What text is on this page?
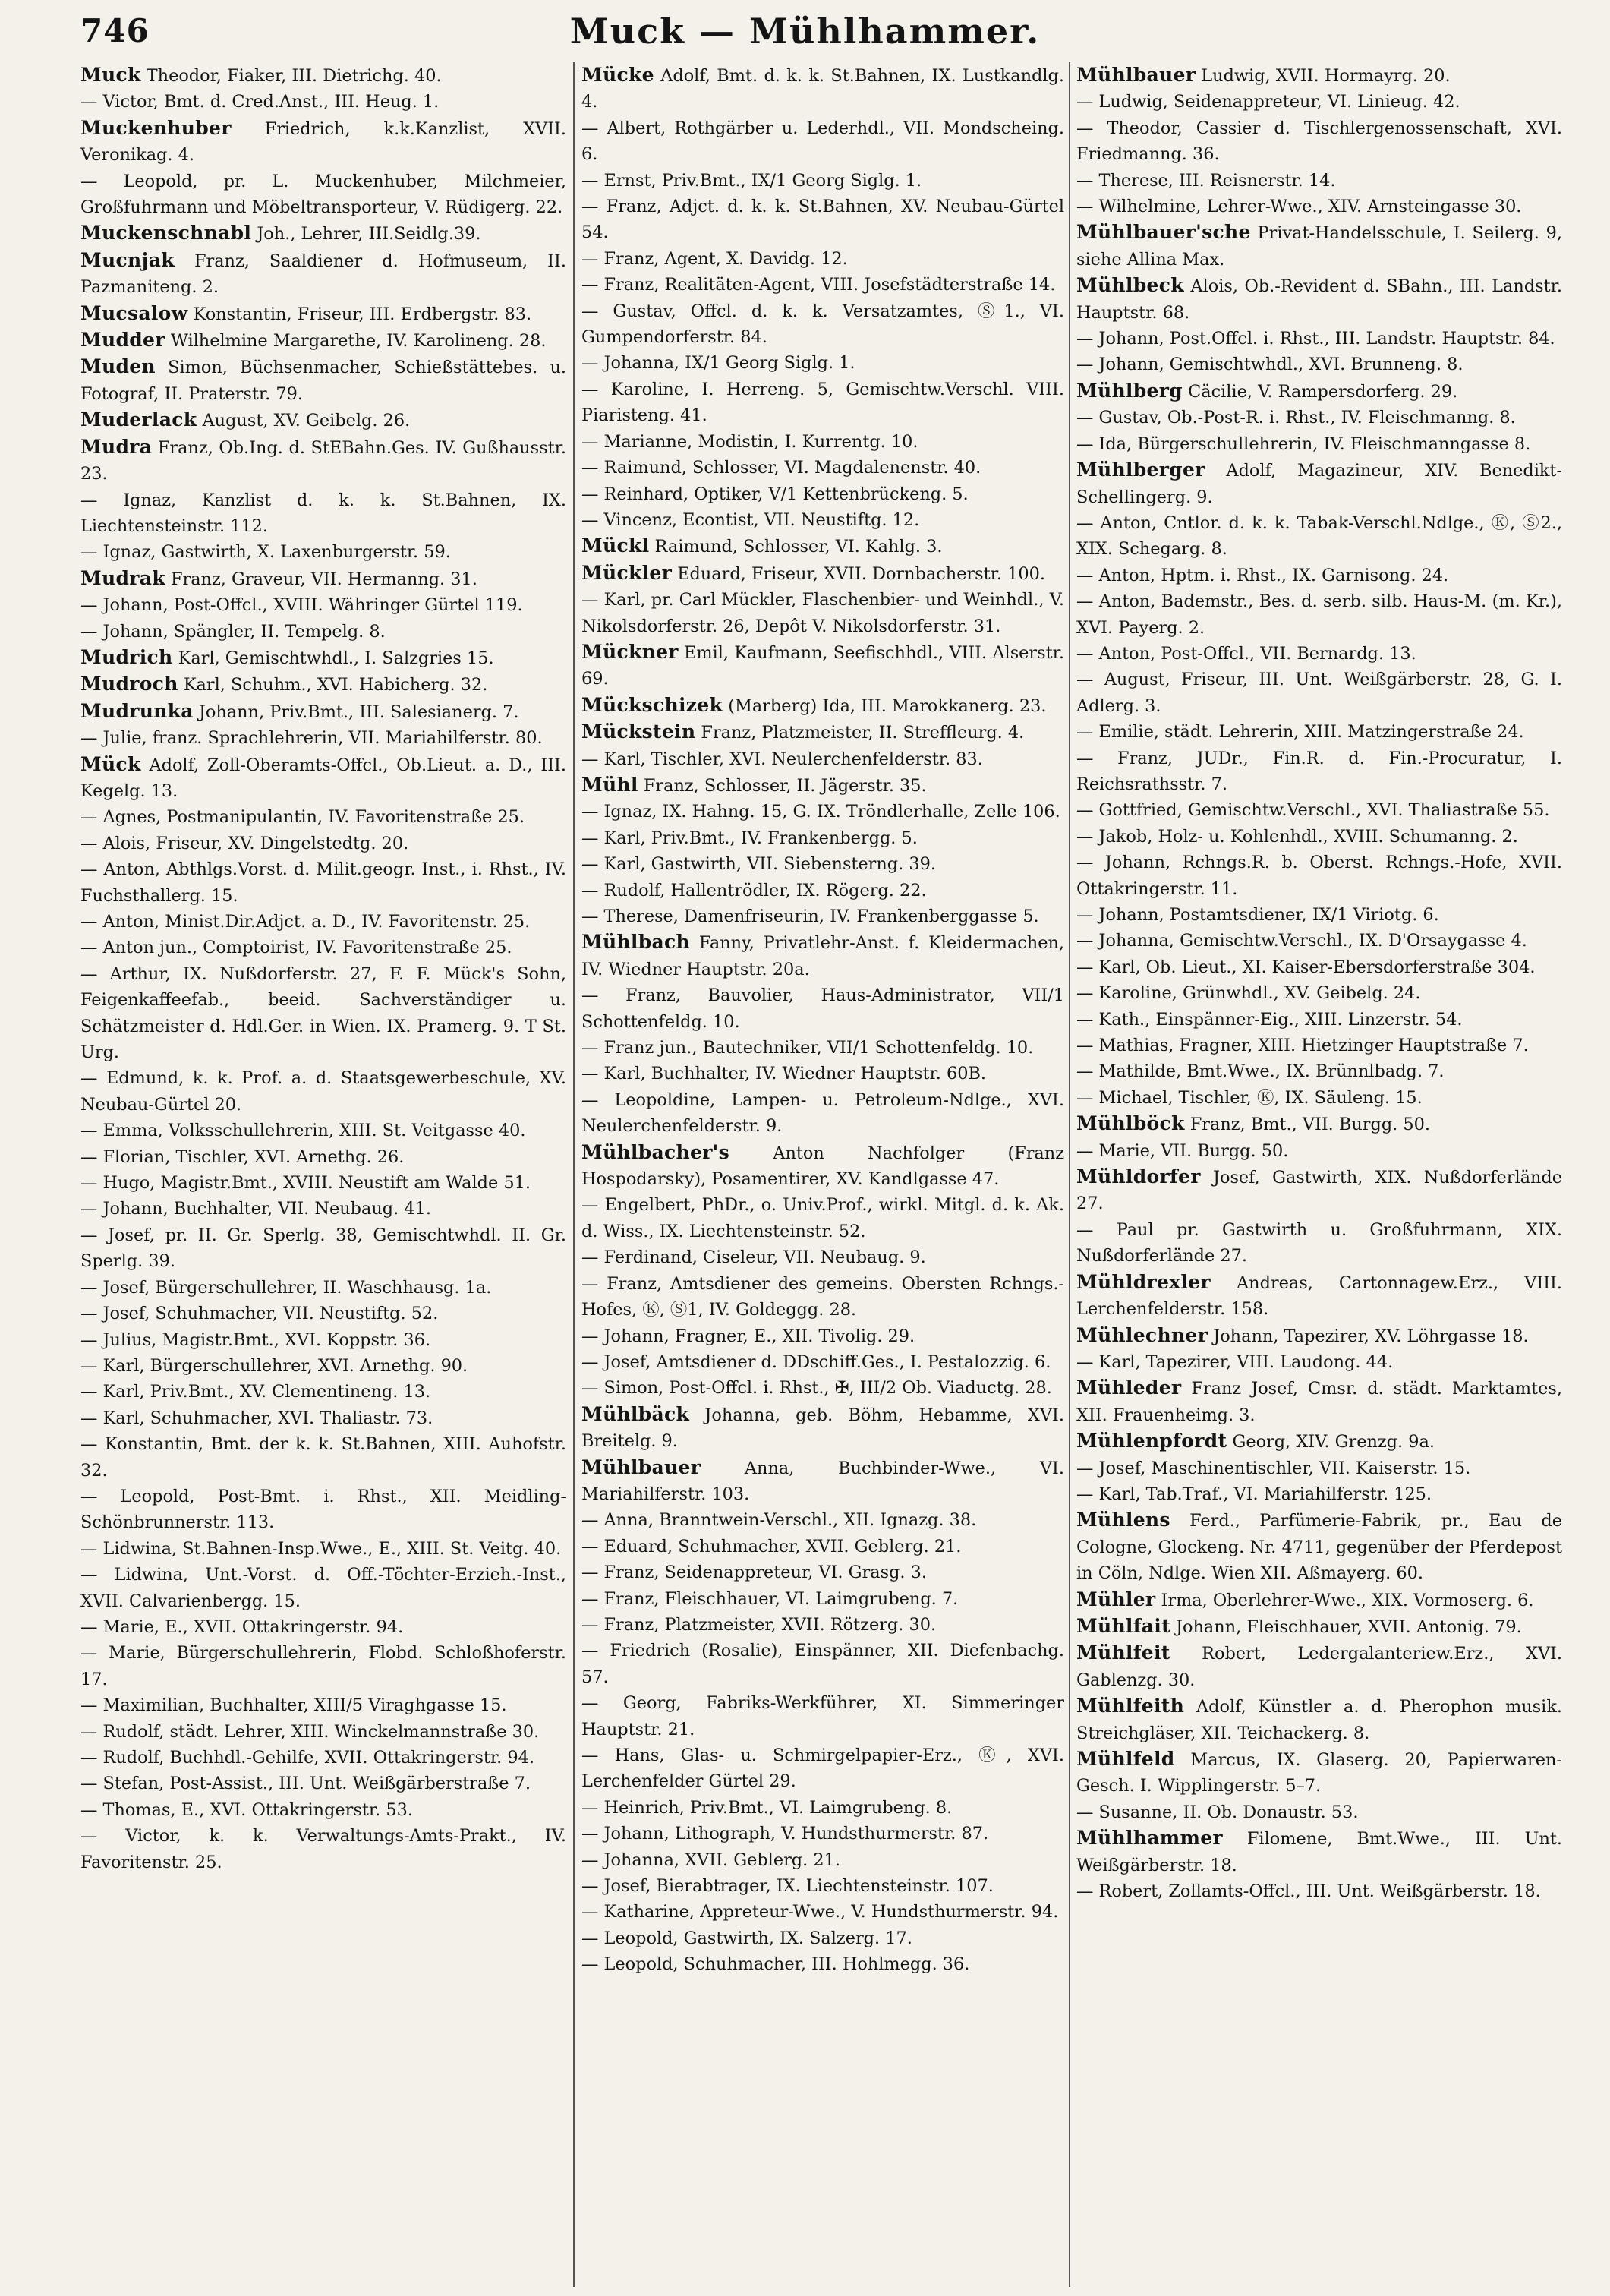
746	Muck — Mühlhammer.

Muck Theodor, Fiaker, III. Dietrichg. 40.

— Victor, Bmt. d. Cred.Anst., III. Heug. 1.

Muckenhuber Friedrich, k.k.Kanzlist, XVII. Veronikag. 4.

— Leopold, pr. L. Muckenhuber, Milchmeier, Großfuhrmann und Möbeltransporteur, V. Rüdigerg. 22.

Muckenschnabl Joh., Lehrer, III.Seidlg.39.

Mucnjak Franz, Saaldiener d. Hofmuseum, II. Pazmaniteng. 2.

Mucsalow Konstantin, Friseur, III. Erdbergstr. 83.

Mudder Wilhelmine Margarethe, IV. Karolineng. 28.

Muden Simon, Büchsenmacher, Schießstättebes. u. Fotograf, II. Praterstr. 79.

Muderlack August, XV. Geibelg. 26.

Mudra Franz, Ob.Ing. d. StEBahn.Ges. IV. Gußhausstr. 23.

— Ignaz, Kanzlist d. k. k. St.Bahnen, IX. Liechtensteinstr. 112.

— Ignaz, Gastwirth, X. Laxenburgerstr. 59.

Mudrak Franz, Graveur, VII. Hermanng. 31.

— Johann, Post-Offcl., XVIII. Währinger Gürtel 119.

— Johann, Spängler, II. Tempelg. 8.

Mudrich Karl, Gemischtwhdl., I. Salzgries 15.

Mudroch Karl, Schuhm., XVI. Habicherg. 32.

Mudrunka Johann, Priv.Bmt., III. Salesianerg. 7.

— Julie, franz. Sprachlehrerin, VII. Mariahilferstr. 80.

Mück Adolf, Zoll-Oberamts-Offcl., Ob.Lieut. a. D., III. Kegelg. 13.

— Agnes, Postmanipulantin, IV. Favoritenstraße 25.

— Alois, Friseur, XV. Dingelstedtg. 20.

— Anton, Abthlgs.Vorst. d. Milit.geogr. Inst., i. Rhst., IV. Fuchsthallerg. 15.

— Anton, Minist.Dir.Adjct. a. D., IV. Favoritenstr. 25.

— Anton jun., Comptoirist, IV. Favoritenstraße 25.

— Arthur, IX. Nußdorferstr. 27, F. F. Mück's Sohn, Feigenkaffeefab., beeid. Sachverständiger u. Schätzmeister d. Hdl.Ger. in Wien. IX. Pramerg. 9. T St. Urg.

— Edmund, k. k. Prof. a. d. Staatsgewerbeschule, XV. Neubau-Gürtel 20.

— Emma, Volksschullehrerin, XIII. St. Veitgasse 40.

— Florian, Tischler, XVI. Arnethg. 26.

— Hugo, Magistr.Bmt., XVIII. Neustift am Walde 51.

— Johann, Buchhalter, VII. Neubaug. 41.

— Josef, pr. II. Gr. Sperlg. 38, Gemischtwhdl. II. Gr. Sperlg. 39.

— Josef, Bürgerschullehrer, II. Waschhausg. 1a.

— Josef, Schuhmacher, VII. Neustiftg. 52.

— Julius, Magistr.Bmt., XVI. Koppstr. 36.

— Karl, Bürgerschullehrer, XVI. Arnethg. 90.

— Karl, Priv.Bmt., XV. Clementineng. 13.

— Karl, Schuhmacher, XVI. Thaliastr. 73.

— Konstantin, Bmt. der k. k. St.Bahnen, XIII. Auhofstr. 32.

— Leopold, Post-Bmt. i. Rhst., XII. Meidling-Schönbrunnerstr. 113.

— Lidwina, St.Bahnen-Insp.Wwe., E., XIII. St. Veitg. 40.

— Lidwina, Unt.-Vorst. d. Off.-Töchter-Erzieh.-Inst., XVII. Calvarienbergg. 15.

— Marie, E., XVII. Ottakringerstr. 94.

— Marie, Bürgerschullehrerin, Flobd. Schloßhoferstr. 17.

— Maximilian, Buchhalter, XIII/5 Viraghgasse 15.

— Rudolf, städt. Lehrer, XIII. Winckelmannstraße 30.

— Rudolf, Buchhdl.-Gehilfe, XVII. Ottakringerstr. 94.

— Stefan, Post-Assist., III. Unt. Weißgärberstraße 7.

— Thomas, E., XVI. Ottakringerstr. 53.

— Victor, k. k. Verwaltungs-Amts-Prakt., IV. Favoritenstr. 25.

Mücke Adolf, Bmt. d. k. k. St.Bahnen, IX. Lustkandlg. 4.

— Albert, Rothgärber u. Lederhdl., VII. Mondscheing. 6.

— Ernst, Priv.Bmt., IX/1 Georg Siglg. 1.

— Franz, Adjct. d. k. k. St.Bahnen, XV. Neubau-Gürtel 54.

— Franz, Agent, X. Davidg. 12.

— Franz, Realitäten-Agent, VIII. Josefstädterstraße 14.

— Gustav, Offcl. d. k. k. Versatzamtes, Ⓢ1., VI. Gumpendorferstr. 84.

— Johanna, IX/1 Georg Siglg. 1.

— Karoline, I. Herreng. 5, Gemischtw.Verschl. VIII. Piaristeng. 41.

— Marianne, Modistin, I. Kurrentg. 10.

— Raimund, Schlosser, VI. Magdalenenstr. 40.

— Reinhard, Optiker, V/1 Kettenbrückeng. 5.

— Vincenz, Econtist, VII. Neustiftg. 12.

Mückl Raimund, Schlosser, VI. Kahlg. 3.

Mückler Eduard, Friseur, XVII. Dornbacherstr. 100.

— Karl, pr. Carl Mückler, Flaschenbier- und Weinhdl., V. Nikolsdorferstr. 26, Depôt V. Nikolsdorferstr. 31.

Mückner Emil, Kaufmann, Seefischhdl., VIII. Alserstr. 69.

Mückschizek (Marberg) Ida, III. Marokkanerg. 23.

Mückstein Franz, Platzmeister, II. Streffleurg. 4.

— Karl, Tischler, XVI. Neulerchenfelderstr. 83.

Mühl Franz, Schlosser, II. Jägerstr. 35.

— Ignaz, IX. Hahng. 15, G. IX. Tröndlerhalle, Zelle 106.

— Karl, Priv.Bmt., IV. Frankenbergg. 5.

— Karl, Gastwirth, VII. Siebensterng. 39.

— Rudolf, Hallentrödler, IX. Rögerg. 22.

— Therese, Damenfriseurin, IV. Frankenberggasse 5.

Mühlbach Fanny, Privatlehr-Anst. f. Kleidermachen, IV. Wiedner Hauptstr. 20a.

— Franz, Bauvolier, Haus-Administrator, VII/1 Schottenfeldg. 10.

— Franz jun., Bautechniker, VII/1 Schottenfeldg. 10.

— Karl, Buchhalter, IV. Wiedner Hauptstr. 60B.

— Leopoldine, Lampen- u. Petroleum-Ndlge., XVI. Neulerchenfelderstr. 9.

Mühlbacher's	Anton Nachfolger (Franz Hospodarsky), Posamentirer, XV. Kandlgasse 47.

— Engelbert, PhDr., o. Univ.Prof., wirkl. Mitgl. d. k. Ak. d. Wiss., IX. Liechtensteinstr. 52.

— Ferdinand, Ciseleur, VII. Neubaug. 9.

— Franz, Amtsdiener des gemeins. Obersten Rchngs.-Hofes, Ⓚ, Ⓢ1, IV. Goldeggg. 28.

— Johann, Fragner, E., XII. Tivolig. 29.

— Josef, Amtsdiener d. DDschiff.Ges., I. Pestalozzig. 6.

— Simon, Post-Offcl. i. Rhst., ✠, III/2 Ob. Viaductg. 28.

Mühlbäck Johanna, geb. Böhm, Hebamme, XVI. Breitelg. 9.

Mühlbauer	Anna, Buchbinder-Wwe., VI. Mariahilferstr. 103.

— Anna, Branntwein-Verschl., XII. Ignazg. 38.

— Eduard, Schuhmacher, XVII. Geblerg. 21.

— Franz, Seidenappreteur, VI. Grasg. 3.

— Franz, Fleischhauer, VI. Laimgrubeng. 7.

— Franz, Platzmeister, XVII. Rötzerg. 30.

— Friedrich (Rosalie), Einspänner, XII. Diefenbachg. 57.

— Georg, Fabriks-Werkführer, XI. Simmeringer Hauptstr. 21.

— Hans, Glas- u. Schmirgelpapier-Erz., Ⓚ, XVI. Lerchenfelder Gürtel 29.

— Heinrich, Priv.Bmt., VI. Laimgrubeng. 8.

— Johann, Lithograph, V. Hundsthurmerstr. 87.

— Johanna, XVII. Geblerg. 21.

— Josef, Bierabtrager, IX. Liechtensteinstr. 107.

— Katharine, Appreteur-Wwe., V. Hundsthurmerstr. 94.

— Leopold, Gastwirth, IX. Salzerg. 17.

— Leopold, Schuhmacher, III. Hohlmegg. 36.

Mühlbauer Ludwig, XVII. Hormayrg. 20.

— Ludwig, Seidenappreteur, VI. Linieug. 42.

— Theodor, Cassier d. Tischlergenossenschaft, XVI. Friedmanng. 36.

— Therese, III. Reisnerstr. 14.

— Wilhelmine, Lehrer-Wwe., XIV. Arnsteingasse 30.

Mühlbauer'sche Privat-Handelsschule, I. Seilerg. 9, siehe Allina Max.

Mühlbeck Alois, Ob.-Revident d. SBahn., III. Landstr. Hauptstr. 68.

— Johann, Post.Offcl. i. Rhst., III. Landstr. Hauptstr. 84.

— Johann, Gemischtwhdl., XVI. Brunneng. 8.

Mühlberg Cäcilie, V. Rampersdorferg. 29.

— Gustav, Ob.-Post-R. i. Rhst., IV. Fleischmanng. 8.

— Ida, Bürgerschullehrerin, IV. Fleischmanngasse 8.

Mühlberger Adolf, Magazineur, XIV. Benedikt-Schellingerg. 9.

— Anton, Cntlor. d. k. k. Tabak-Verschl.Ndlge., Ⓚ, Ⓢ2., XIX. Schegarg. 8.

— Anton, Hptm. i. Rhst., IX. Garnisong. 24.

— Anton, Bademstr., Bes. d. serb. silb. Haus-M. (m. Kr.), XVI. Payerg. 2.

— Anton, Post-Offcl., VII. Bernardg. 13.

— August, Friseur, III. Unt. Weißgärberstr. 28, G. I. Adlerg. 3.

— Emilie, städt. Lehrerin, XIII. Matzingerstraße 24.

— Franz, JUDr., Fin.R. d. Fin.-Procuratur, I. Reichsrathsstr. 7.

— Gottfried, Gemischtw.Verschl., XVI. Thaliastraße 55.

— Jakob, Holz- u. Kohlenhdl., XVIII. Schumanng. 2.

— Johann, Rchngs.R. b. Oberst. Rchngs.-Hofe, XVII. Ottakringerstr. 11.

— Johann, Postamtsdiener, IX/1 Viriotg. 6.

— Johanna, Gemischtw.Verschl., IX. D'Orsaygasse 4.

— Karl, Ob. Lieut., XI. Kaiser-Ebersdorferstraße 304.

— Karoline, Grünwhdl., XV. Geibelg. 24.

— Kath., Einspänner-Eig., XIII. Linzerstr. 54.

— Mathias, Fragner, XIII. Hietzinger Hauptstraße 7.

— Mathilde, Bmt.Wwe., IX. Brünnlbadg. 7.

— Michael, Tischler, Ⓚ, IX. Säuleng. 15.

Mühlböck Franz, Bmt., VII. Burgg. 50.

— Marie, VII. Burgg. 50.

Mühldorfer Josef, Gastwirth, XIX. Nußdorferlände 27.

— Paul pr. Gastwirth u. Großfuhrmann, XIX. Nußdorferlände 27.

Mühldrexler Andreas, Cartonnagew.Erz., VIII. Lerchenfelderstr. 158.

Mühlechner Johann, Tapezirer, XV. Löhrgasse 18.

— Karl, Tapezirer, VIII. Laudong. 44.

Mühleder Franz Josef, Cmsr. d. städt. Marktamtes, XII. Frauenheimg. 3.

Mühlenpfordt Georg, XIV. Grenzg. 9a.

— Josef, Maschinentischler, VII. Kaiserstr. 15.

— Karl, Tab.Traf., VI. Mariahilferstr. 125.

Mühlens Ferd., Parfümerie-Fabrik, pr., Eau de Cologne, Glockeng. Nr. 4711, gegenüber der Pferdepost in Cöln, Ndlge. Wien XII. Aßmayerg. 60.

Mühler Irma, Oberlehrer-Wwe., XIX. Vormoserg. 6.

Mühlfait Johann, Fleischhauer, XVII. Antonig. 79.

Mühlfeit Robert, Ledergalanteriew.Erz., XVI. Gablenzg. 30.

Mühlfeith Adolf, Künstler a. d. Pherophon musik. Streichgläser, XII. Teichackerg. 8.

Mühlfeld Marcus, IX. Glaserg. 20, Papierwaren-Gesch. I. Wipplingerstr. 5–7.

— Susanne, II. Ob. Donaustr. 53.

Mühlhammer Filomene, Bmt.Wwe., III. Unt. Weißgärberstr. 18.

— Robert, Zollamts-Offcl., III. Unt. Weißgärberstr. 18.
